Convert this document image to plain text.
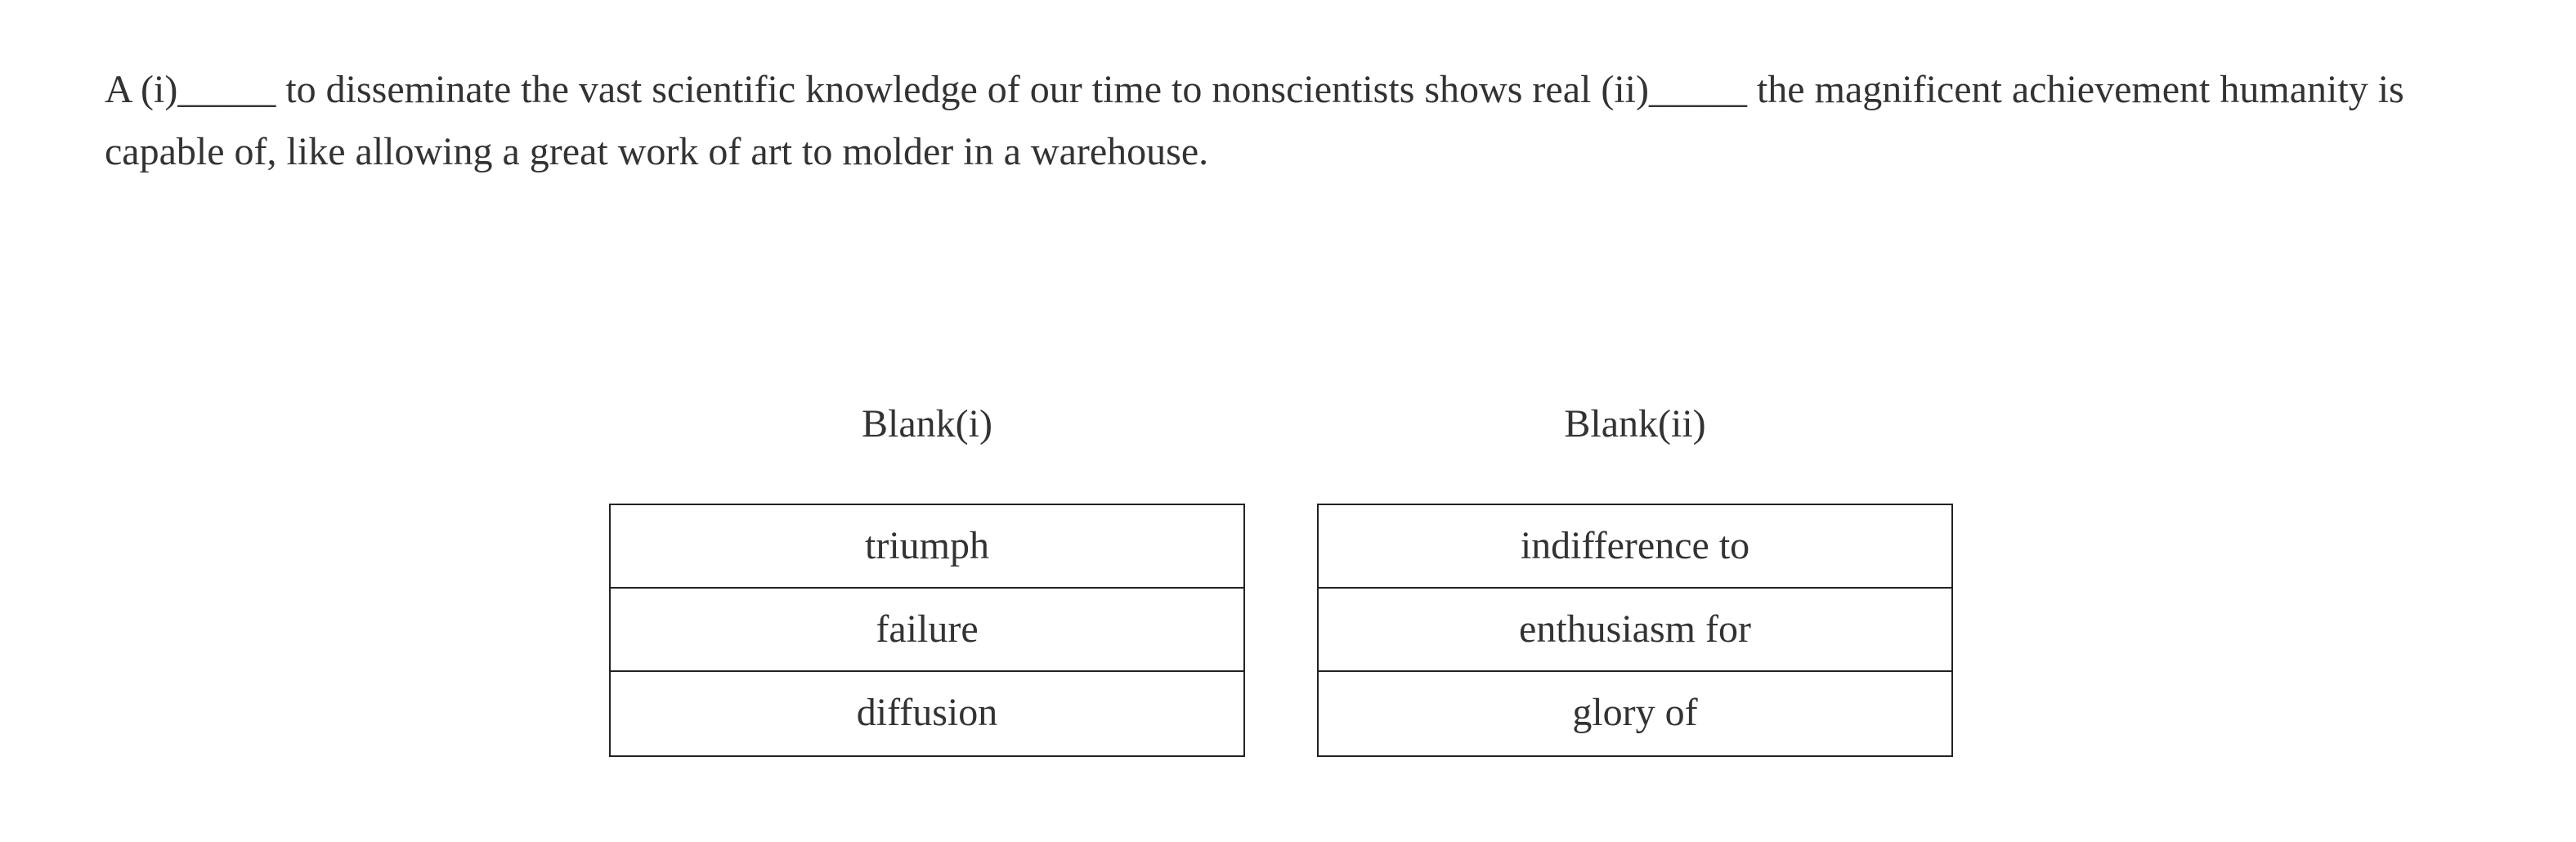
A (i)_____ to disseminate the vast scientific knowledge of our time to nonscientists shows real (ii)_____ the magnificent achievement humanity is capable of, like allowing a great work of art to molder in a warehouse.

Blank(i)
triumph
failure
diffusion
Blank(ii)
indifference to
enthusiasm for
glory of
